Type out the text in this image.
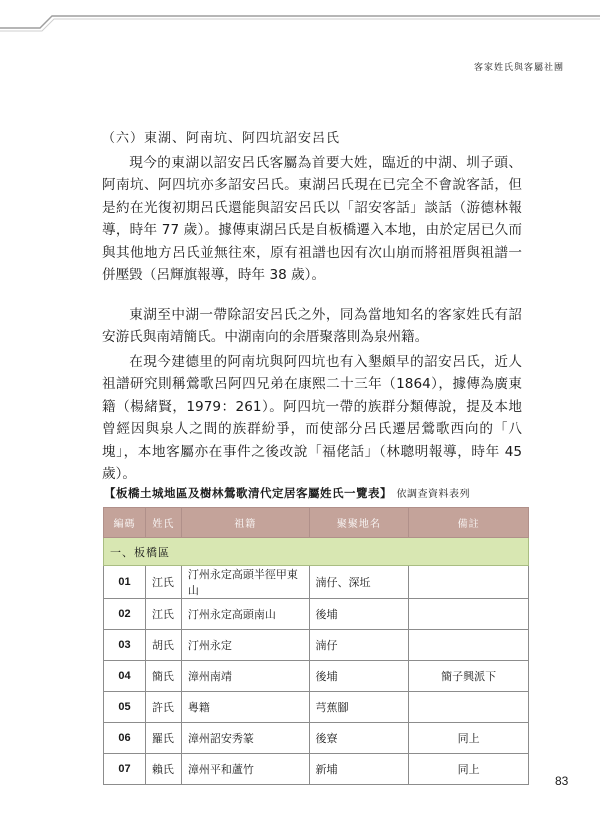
客家姓氏與客屬社團
（六）東湖、阿南坑、阿四坑詔安呂氏

現今的東湖以詔安呂氏客屬為首要大姓，臨近的中湖、圳子頭、阿南坑、阿四坑亦多詔安呂氏。東湖呂氏現在已完全不會說客話，但是約在光復初期呂氏還能與詔安呂氏以「詔安客話」談話（游德林報導，時年 77 歲）。據傳東湖呂氏是自板橋遷入本地，由於定居已久而與其他地方呂氏並無往來，原有祖譜也因有次山崩而將祖厝與祖譜一併壓毀（呂輝旗報導，時年 38 歲）。

東湖至中湖一帶除詔安呂氏之外，同為當地知名的客家姓氏有詔安游氏與南靖簡氏。中湖南向的余厝聚落則為泉州籍。

在現今建德里的阿南坑與阿四坑也有入墾頗早的詔安呂氏，近人祖譜研究則稱鶯歌呂阿四兄弟在康熙二十三年（1864），據傳為廣東籍（楊緒賢，1979：261）。阿四坑一帶的族群分類傳說，提及本地曾經因與泉人之間的族群紛爭，而使部分呂氏遷居鶯歌西向的「八塊」，本地客屬亦在事件之後改說「福佬話」（林聰明報導，時年 45 歲）。

【板橋土城地區及樹林鶯歌清代定居客屬姓氏一覽表】 依調查資料表列
編碼	姓氏	祖籍	聚聚地名	備註
一、板橋區				
01	江氏	汀州永定高頭半徑甲東山	湳仔、深坵	
02	江氏	汀州永定高頭南山	後埔	
03	胡氏	汀州永定	湳仔	
04	簡氏	漳州南靖	後埔	簡子興派下
05	許氏	粵籍	芎蕉腳	
06	羅氏	漳州詔安秀篆	後寮	同上
07	賴氏	漳州平和蘆竹	新埔	同上
83
